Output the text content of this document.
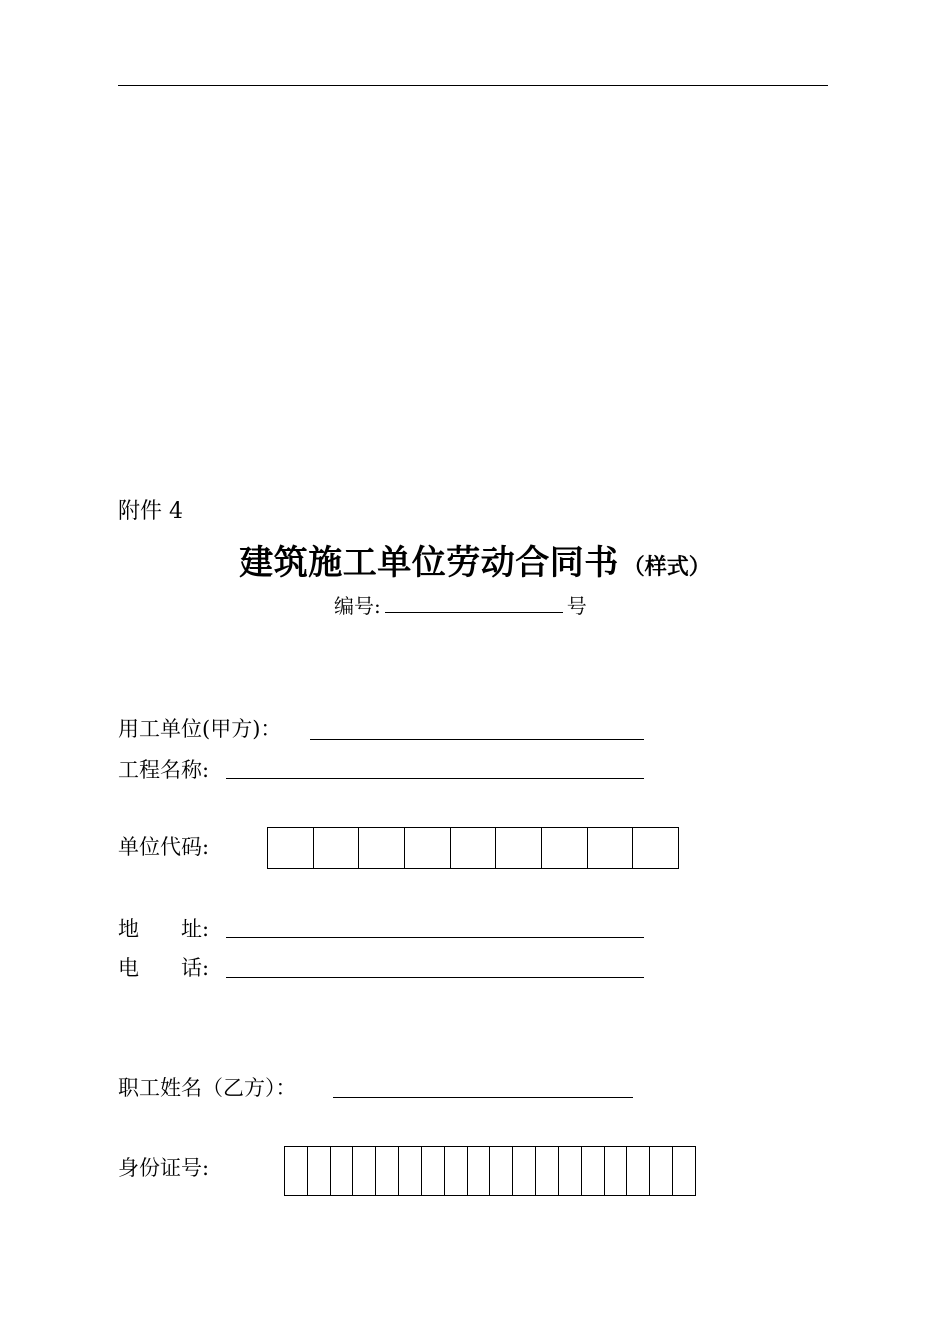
附件 4
建筑施工单位劳动合同书 （样式）
编号:	号
用工单位(甲方)：
工程名称:
单位代码:
地 址:
电 话:
职工姓名（乙方）：
身份证号:
